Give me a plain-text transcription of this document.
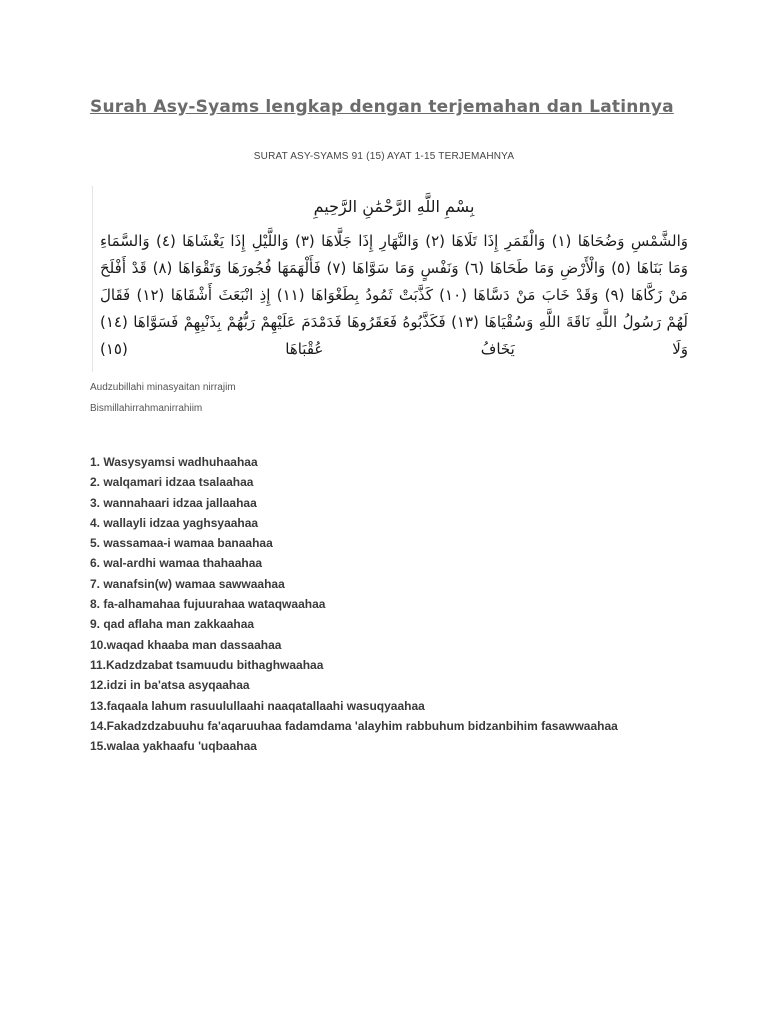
Surah Asy-Syams lengkap dengan terjemahan dan Latinnya
SURAT ASY-SYAMS 91 (15) AYAT 1-15 TERJEMAHNYA
بِسْمِ اللَّهِ الرَّحْمَٰنِ الرَّحِيمِ
وَالشَّمْسِ وَضُحَاهَا (١) وَالْقَمَرِ إِذَا تَلَاهَا (٢) وَالنَّهَارِ إِذَا جَلَّاهَا (٣) وَاللَّيْلِ إِذَا يَغْشَاهَا (٤) وَالسَّمَاءِ وَمَا بَنَاهَا (٥) وَالْأَرْضِ وَمَا طَحَاهَا (٦) وَنَفْسٍ وَمَا سَوَّاهَا (٧) فَأَلْهَمَهَا فُجُورَهَا وَتَقْوَاهَا (٨) قَدْ أَفْلَحَ مَنْ زَكَّاهَا (٩) وَقَدْ خَابَ مَنْ دَسَّاهَا (١٠) كَذَّبَتْ ثَمُودُ بِطَغْوَاهَا (١١) إِذِ انْبَعَثَ أَشْقَاهَا (١٢) فَقَالَ لَهُمْ رَسُولُ اللَّهِ نَاقَةَ اللَّهِ وَسُقْيَاهَا (١٣) فَكَذَّبُوهُ فَعَقَرُوهَا فَدَمْدَمَ عَلَيْهِمْ رَبُّهُمْ بِذَنْبِهِمْ فَسَوَّاهَا (١٤) وَلَا يَخَافُ عُقْبَاهَا (١٥)
Audzubillahi minasyaitan nirrajim
Bismillahirrahmanirrahiim
1. Wasysyamsi wadhuhaahaa
2. walqamari idzaa tsalaahaa
3. wannahaari idzaa jallaahaa
4. wallayli idzaa yaghsyaahaa
5. wassamaa-i wamaa banaahaa
6. wal-ardhi wamaa thahaahaa
7. wanafsin(w) wamaa sawwaahaa
8. fa-alhamahaa fujuurahaa wataqwaahaa
9. qad aflaha man zakkaahaa
10.waqad khaaba man dassaahaa
11.Kadzdzabat tsamuudu bithaghwaahaa
12.idzi in ba'atsa asyqaahaa
13.faqaala lahum rasuulullaahi naaqatallaahi wasuqyaahaa
14.Fakadzdzabuuhu fa'aqaruuhaa fadamdama 'alayhim rabbuhum bidzanbihim fasawwaahaa
15.walaa yakhaafu 'uqbaahaa
